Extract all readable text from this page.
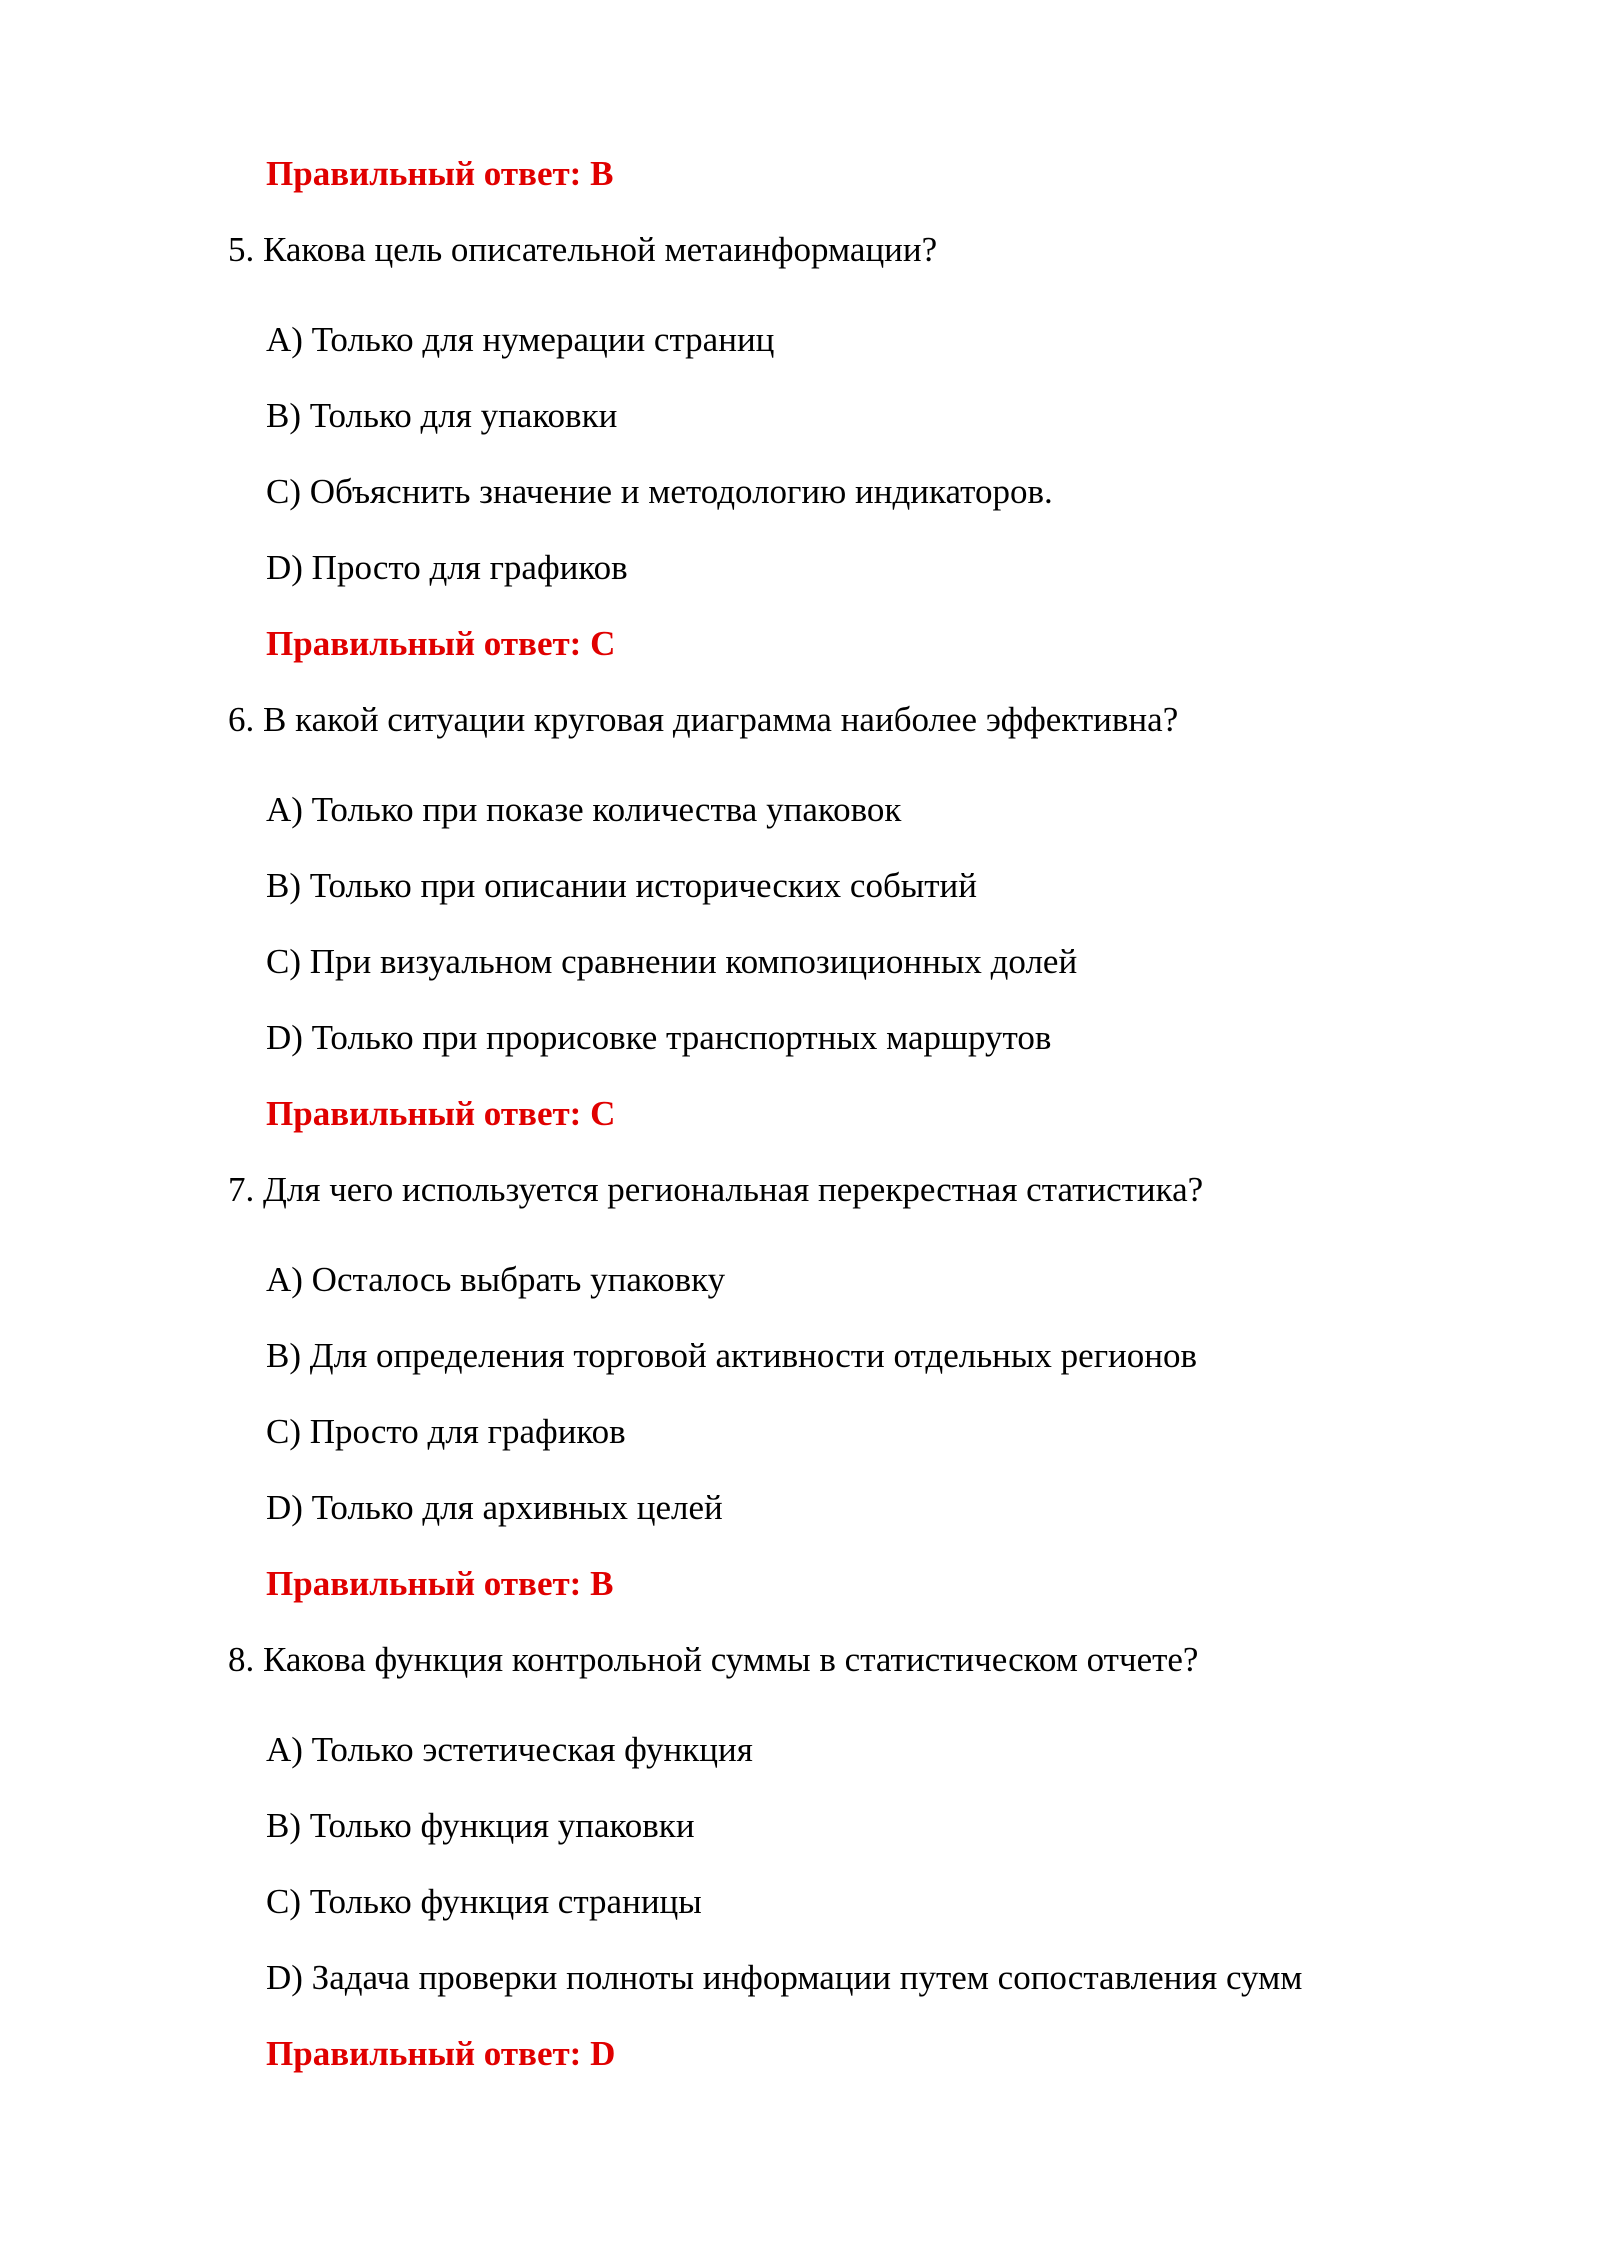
Правильный ответ: B
5. Какова цель описательной метаинформации?
A) Только для нумерации страниц
B) Только для упаковки
C) Объяснить значение и методологию индикаторов.
D) Просто для графиков
Правильный ответ: C
6. В какой ситуации круговая диаграмма наиболее эффективна?
A) Только при показе количества упаковок
B) Только при описании исторических событий
C) При визуальном сравнении композиционных долей
D) Только при прорисовке транспортных маршрутов
Правильный ответ: C
7. Для чего используется региональная перекрестная статистика?
A) Осталось выбрать упаковку
B) Для определения торговой активности отдельных регионов
C) Просто для графиков
D) Только для архивных целей
Правильный ответ: B
8. Какова функция контрольной суммы в статистическом отчете?
A) Только эстетическая функция
B) Только функция упаковки
C) Только функция страницы
D) Задача проверки полноты информации путем сопоставления сумм
Правильный ответ: D
